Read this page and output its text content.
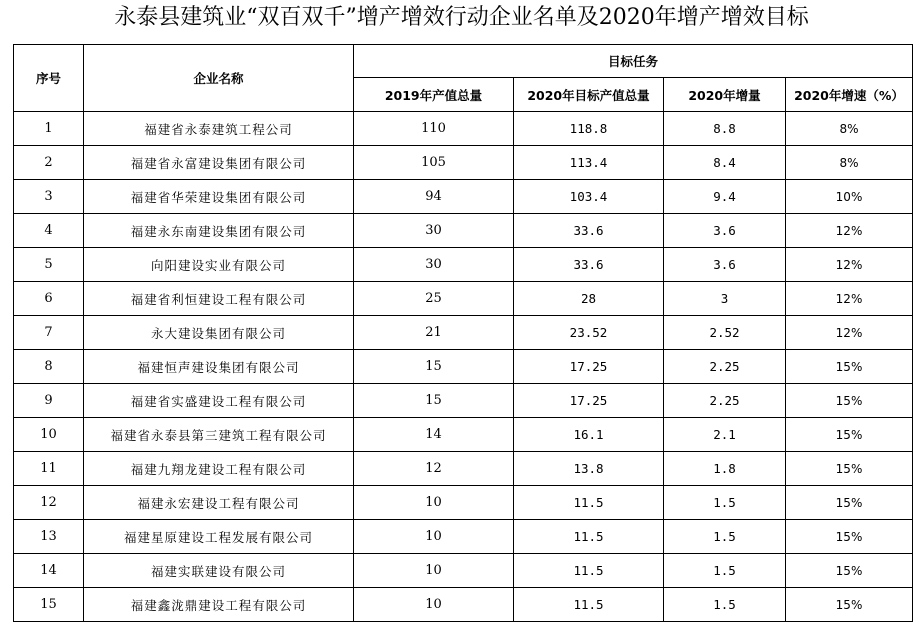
永泰县建筑业“双百双千”增产增效行动企业名单及2020年增产增效目标
序号	企业名称	目标任务			
		2019年产值总量	2020年目标产值总量	2020年增量	2020年增速（%）
1	福建省永泰建筑工程公司	110	118.8	8.8	8%
2	福建省永富建设集团有限公司	105	113.4	8.4	8%
3	福建省华荣建设集团有限公司	94	103.4	9.4	10%
4	福建永东南建设集团有限公司	30	33.6	3.6	12%
5	向阳建设实业有限公司	30	33.6	3.6	12%
6	福建省利恒建设工程有限公司	25	28	3	12%
7	永大建设集团有限公司	21	23.52	2.52	12%
8	福建恒声建设集团有限公司	15	17.25	2.25	15%
9	福建省实盛建设工程有限公司	15	17.25	2.25	15%
10	福建省永泰县第三建筑工程有限公司	14	16.1	2.1	15%
11	福建九翔龙建设工程有限公司	12	13.8	1.8	15%
12	福建永宏建设工程有限公司	10	11.5	1.5	15%
13	福建星原建设工程发展有限公司	10	11.5	1.5	15%
14	福建实联建设有限公司	10	11.5	1.5	15%
15	福建鑫泷鼎建设工程有限公司	10	11.5	1.5	15%
